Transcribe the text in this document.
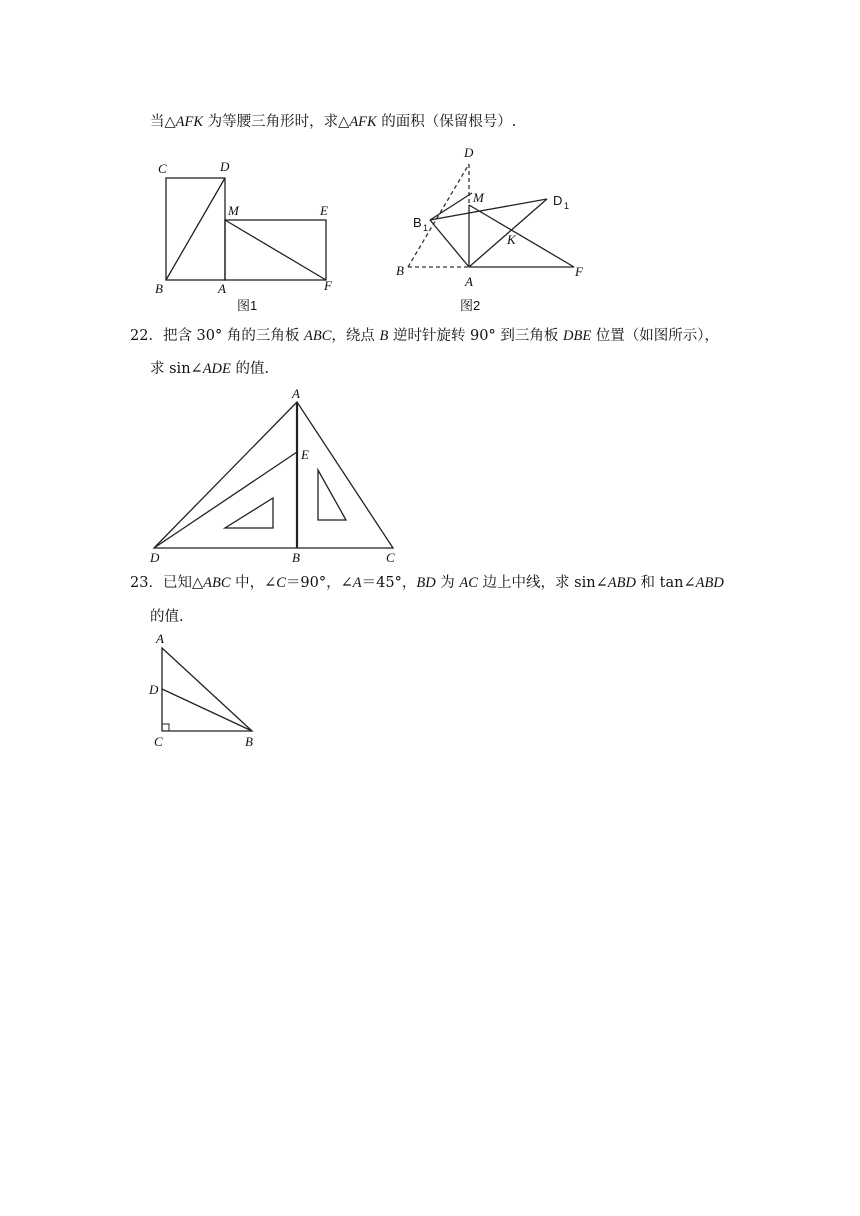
当△AFK 为等腰三角形时，求△AFK 的面积（保留根号）.
C	D
M	E
B	A	F
图1
D
M	D 1
B 1
K
B
A
F
图2
22．把含 30° 角的三角板 ABC，绕点 B 逆时针旋转 90° 到三角板 DBE 位置（如图所示），
求 sin∠ADE 的值.
A
E
D	B	C
23．已知△ABC 中，∠C＝90°，∠A＝45°，BD 为 AC 边上中线，求 sin∠ABD 和 tan∠ABD
的值.
A
D
C	B
